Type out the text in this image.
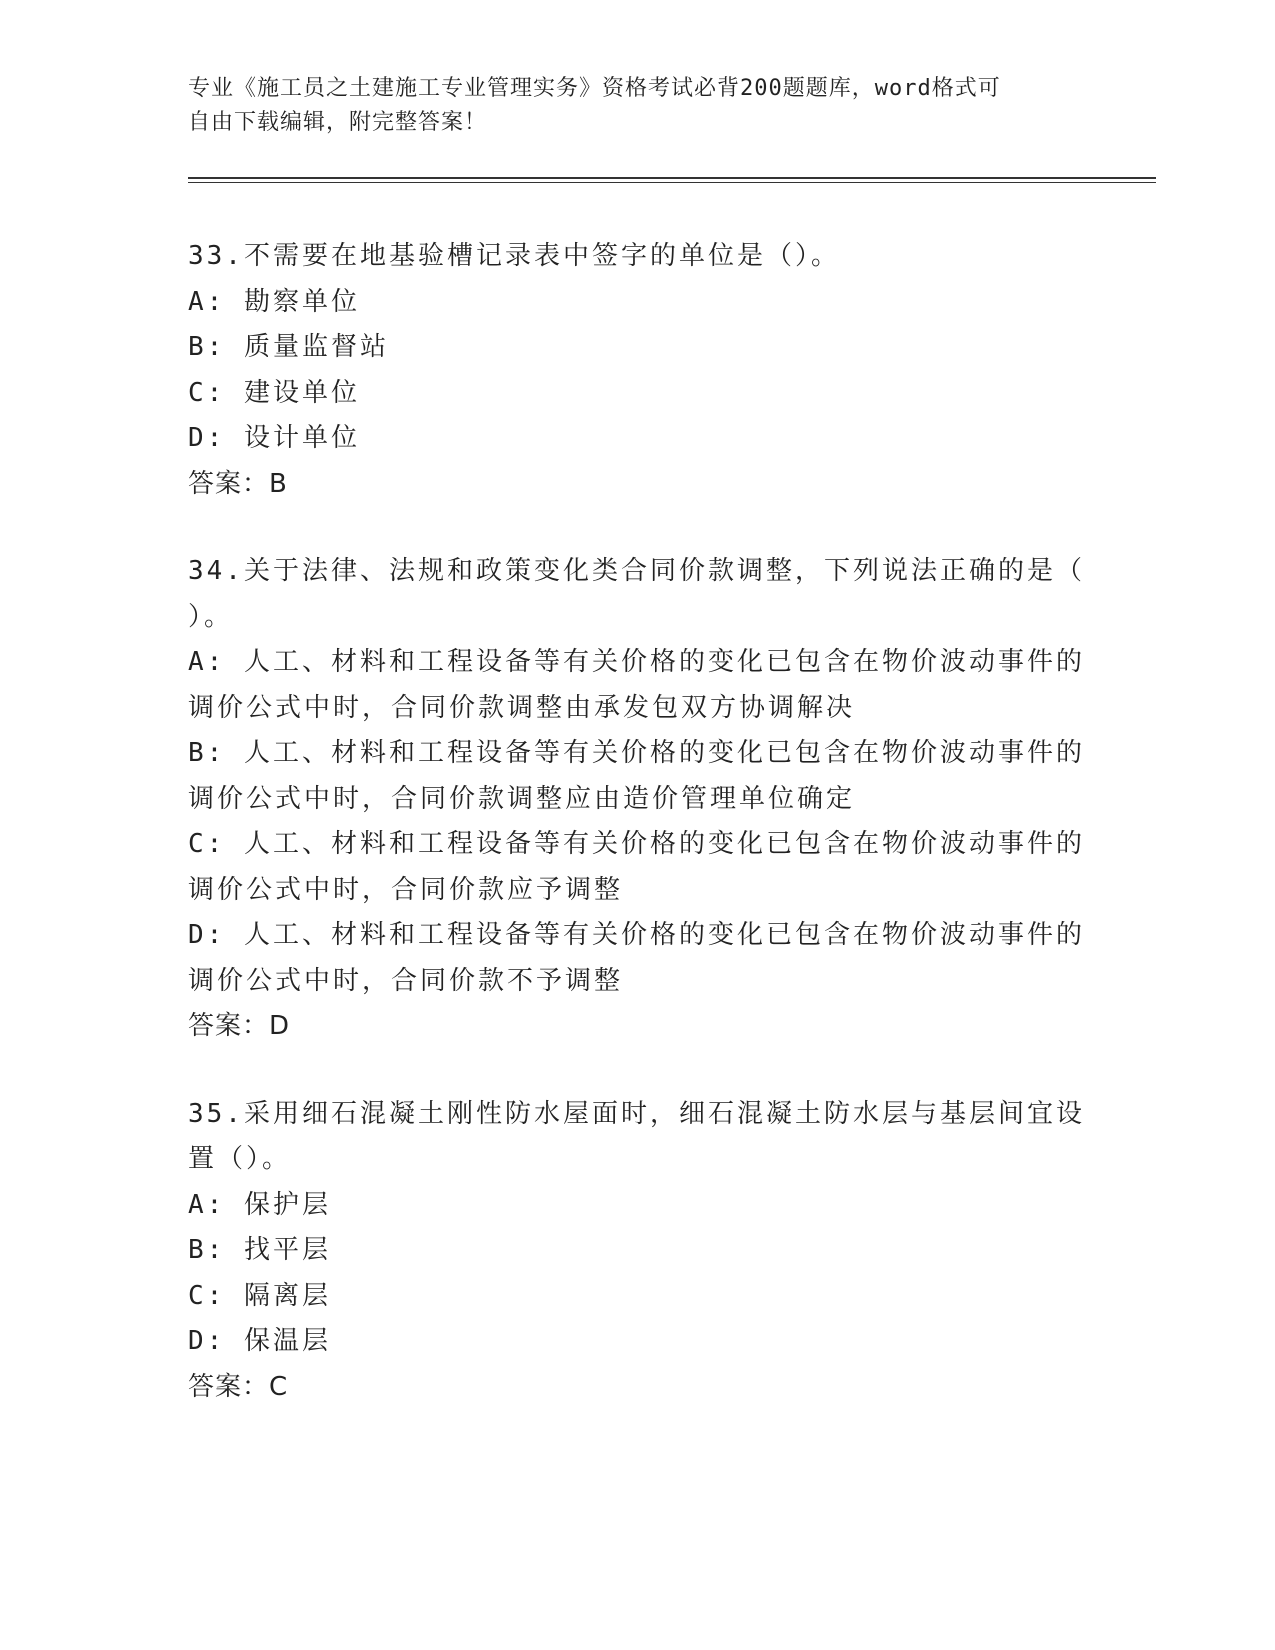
专业《施工员之土建施工专业管理实务》资格考试必背200题题库，word格式可
自由下载编辑，附完整答案！
33.不需要在地基验槽记录表中签字的单位是（）。
A: 勘察单位
B: 质量监督站
C: 建设单位
D: 设计单位
答案：B
34.关于法律、法规和政策变化类合同价款调整，下列说法正确的是（
）。
A: 人工、材料和工程设备等有关价格的变化已包含在物价波动事件的
调价公式中时，合同价款调整由承发包双方协调解决
B: 人工、材料和工程设备等有关价格的变化已包含在物价波动事件的
调价公式中时，合同价款调整应由造价管理单位确定
C: 人工、材料和工程设备等有关价格的变化已包含在物价波动事件的
调价公式中时，合同价款应予调整
D: 人工、材料和工程设备等有关价格的变化已包含在物价波动事件的
调价公式中时，合同价款不予调整
答案：D
35.采用细石混凝土刚性防水屋面时，细石混凝土防水层与基层间宜设
置（）。
A: 保护层
B: 找平层
C: 隔离层
D: 保温层
答案：C
